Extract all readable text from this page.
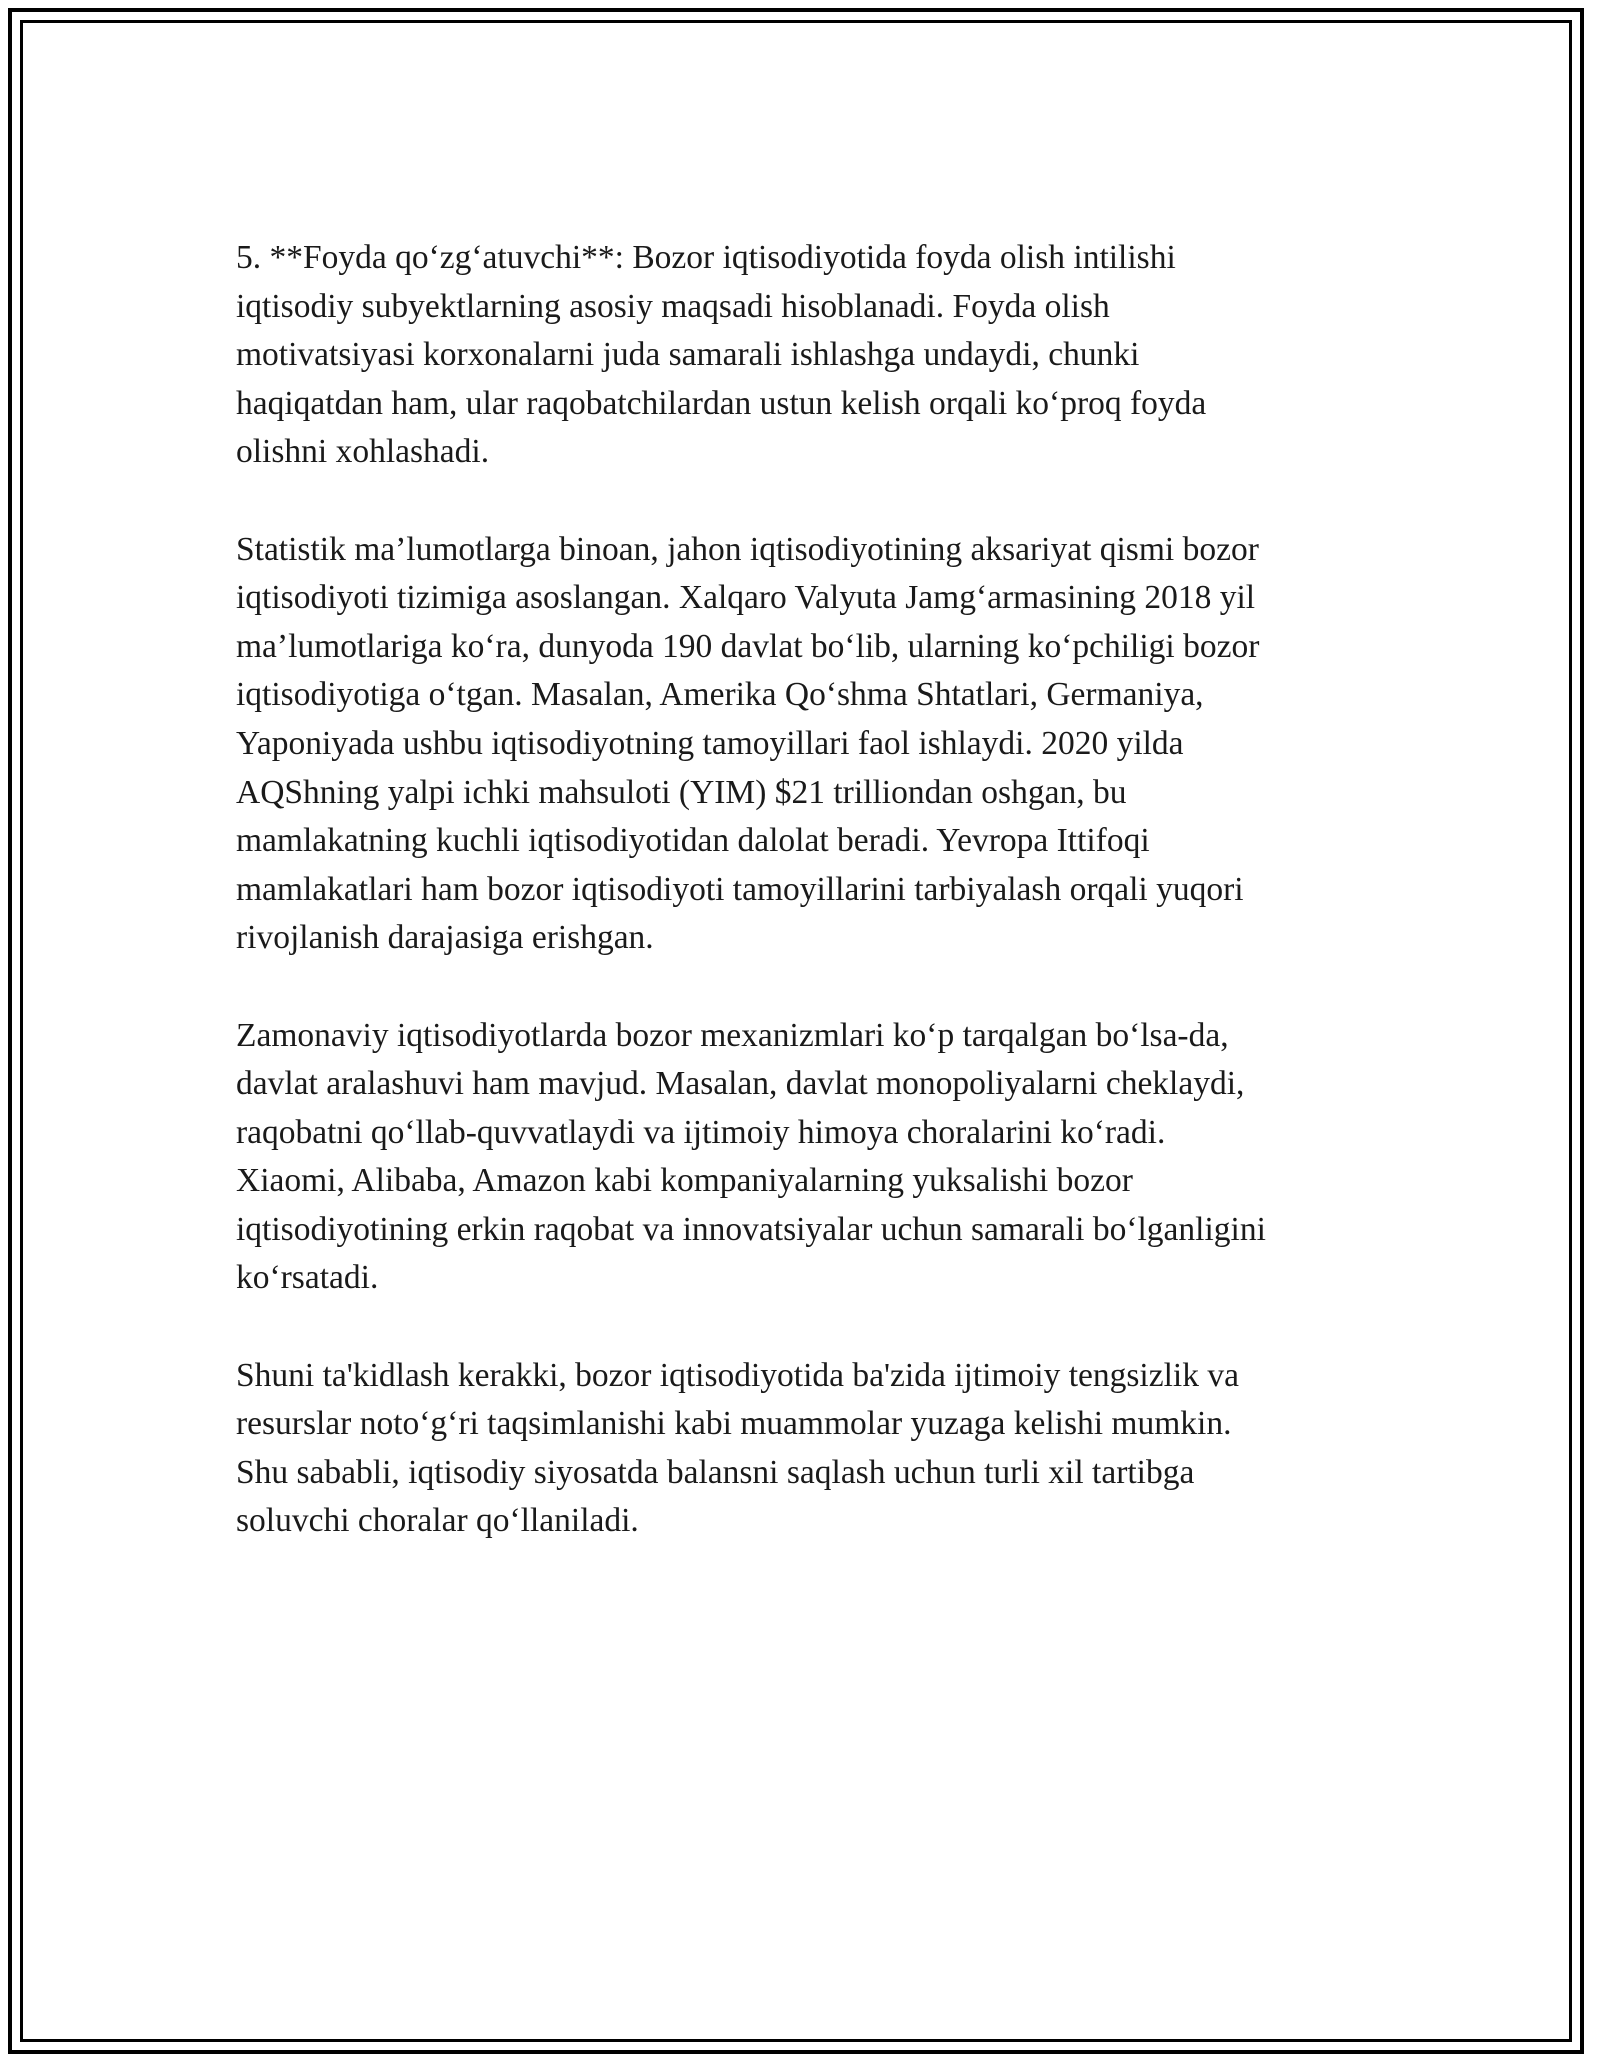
5. **Foyda qo‘zg‘atuvchi**: Bozor iqtisodiyotida foyda olish intilishi
iqtisodiy subyektlarning asosiy maqsadi hisoblanadi. Foyda olish
motivatsiyasi korxonalarni juda samarali ishlashga undaydi, chunki
haqiqatdan ham, ular raqobatchilardan ustun kelish orqali ko‘proq foyda
olishni xohlashadi.
Statistik ma’lumotlarga binoan, jahon iqtisodiyotining aksariyat qismi bozor
iqtisodiyoti tizimiga asoslangan. Xalqaro Valyuta Jamg‘armasining 2018 yil
ma’lumotlariga ko‘ra, dunyoda 190 davlat bo‘lib, ularning ko‘pchiligi bozor
iqtisodiyotiga o‘tgan. Masalan, Amerika Qo‘shma Shtatlari, Germaniya,
Yaponiyada ushbu iqtisodiyotning tamoyillari faol ishlaydi. 2020 yilda
AQShning yalpi ichki mahsuloti (YIM) $21 trilliondan oshgan, bu
mamlakatning kuchli iqtisodiyotidan dalolat beradi. Yevropa Ittifoqi
mamlakatlari ham bozor iqtisodiyoti tamoyillarini tarbiyalash orqali yuqori
rivojlanish darajasiga erishgan.
Zamonaviy iqtisodiyotlarda bozor mexanizmlari ko‘p tarqalgan bo‘lsa-da,
davlat aralashuvi ham mavjud. Masalan, davlat monopoliyalarni cheklaydi,
raqobatni qo‘llab-quvvatlaydi va ijtimoiy himoya choralarini ko‘radi.
Xiaomi, Alibaba, Amazon kabi kompaniyalarning yuksalishi bozor
iqtisodiyotining erkin raqobat va innovatsiyalar uchun samarali bo‘lganligini
ko‘rsatadi.
Shuni ta'kidlash kerakki, bozor iqtisodiyotida ba'zida ijtimoiy tengsizlik va
resurslar noto‘g‘ri taqsimlanishi kabi muammolar yuzaga kelishi mumkin.
Shu sababli, iqtisodiy siyosatda balansni saqlash uchun turli xil tartibga
soluvchi choralar qo‘llaniladi.
